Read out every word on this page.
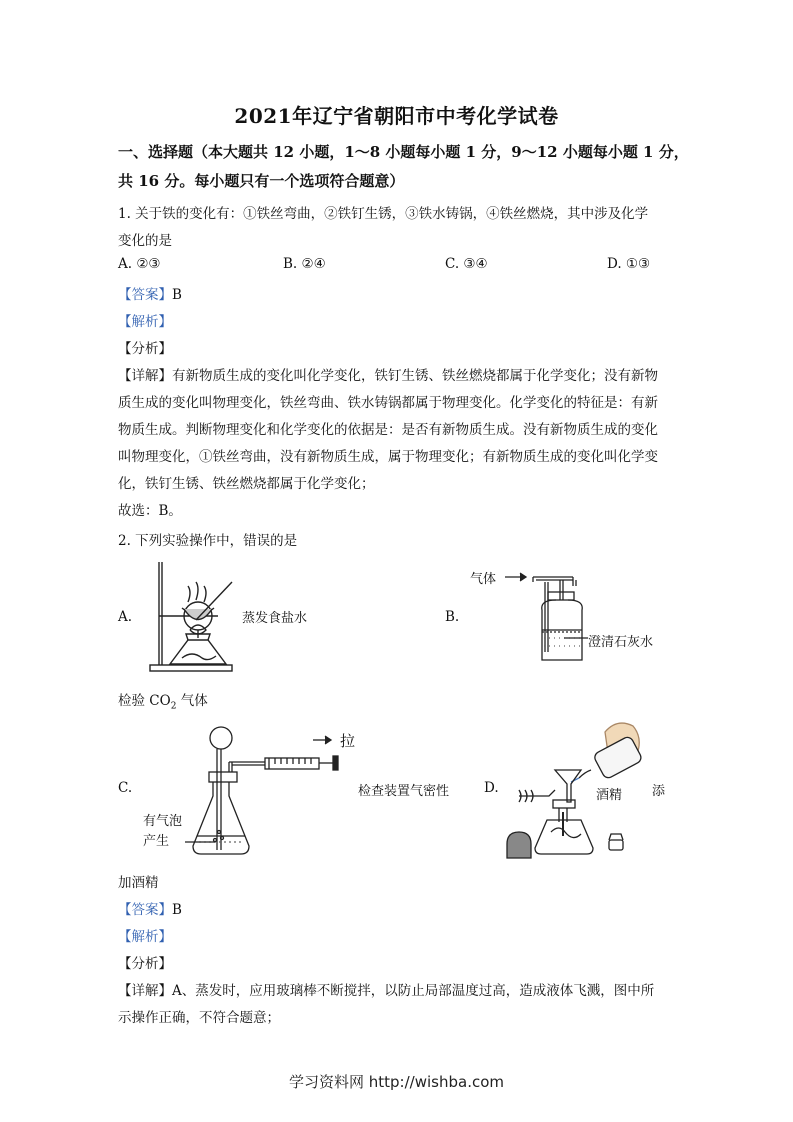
2021年辽宁省朝阳市中考化学试卷
一、选择题（本大题共 12 小题，1～8 小题每小题 1 分，9～12 小题每小题 1 分，
共 16 分。每小题只有一个选项符合题意）
1. 关于铁的变化有：①铁丝弯曲，②铁钉生锈，③铁水铸锅，④铁丝燃烧，其中涉及化学
变化的是
A. ②③	B. ②④	C. ③④	D. ①③
【答案】B
【解析】
【分析】
【详解】有新物质生成的变化叫化学变化，铁钉生锈、铁丝燃烧都属于化学变化；没有新物
质生成的变化叫物理变化，铁丝弯曲、铁水铸锅都属于物理变化。化学变化的特征是：有新
物质生成。判断物理变化和化学变化的依据是：是否有新物质生成。没有新物质生成的变化
叫物理变化，①铁丝弯曲，没有新物质生成，属于物理变化；有新物质生成的变化叫化学变
化，铁钉生锈、铁丝燃烧都属于化学变化；
故选：B。
2. 下列实验操作中，错误的是
A.	蒸发食盐水	B.
气体
澄清石灰水
检验 $CO_2$ 气体
C.
拉
有气泡
产生
检查装置气密性	D.	酒精 添
加酒精
【答案】B
【解析】
【分析】
【详解】A、蒸发时，应用玻璃棒不断搅拌，以防止局部温度过高，造成液体飞溅，图中所
示操作正确，不符合题意；
学习资料网 http://wishba.com
